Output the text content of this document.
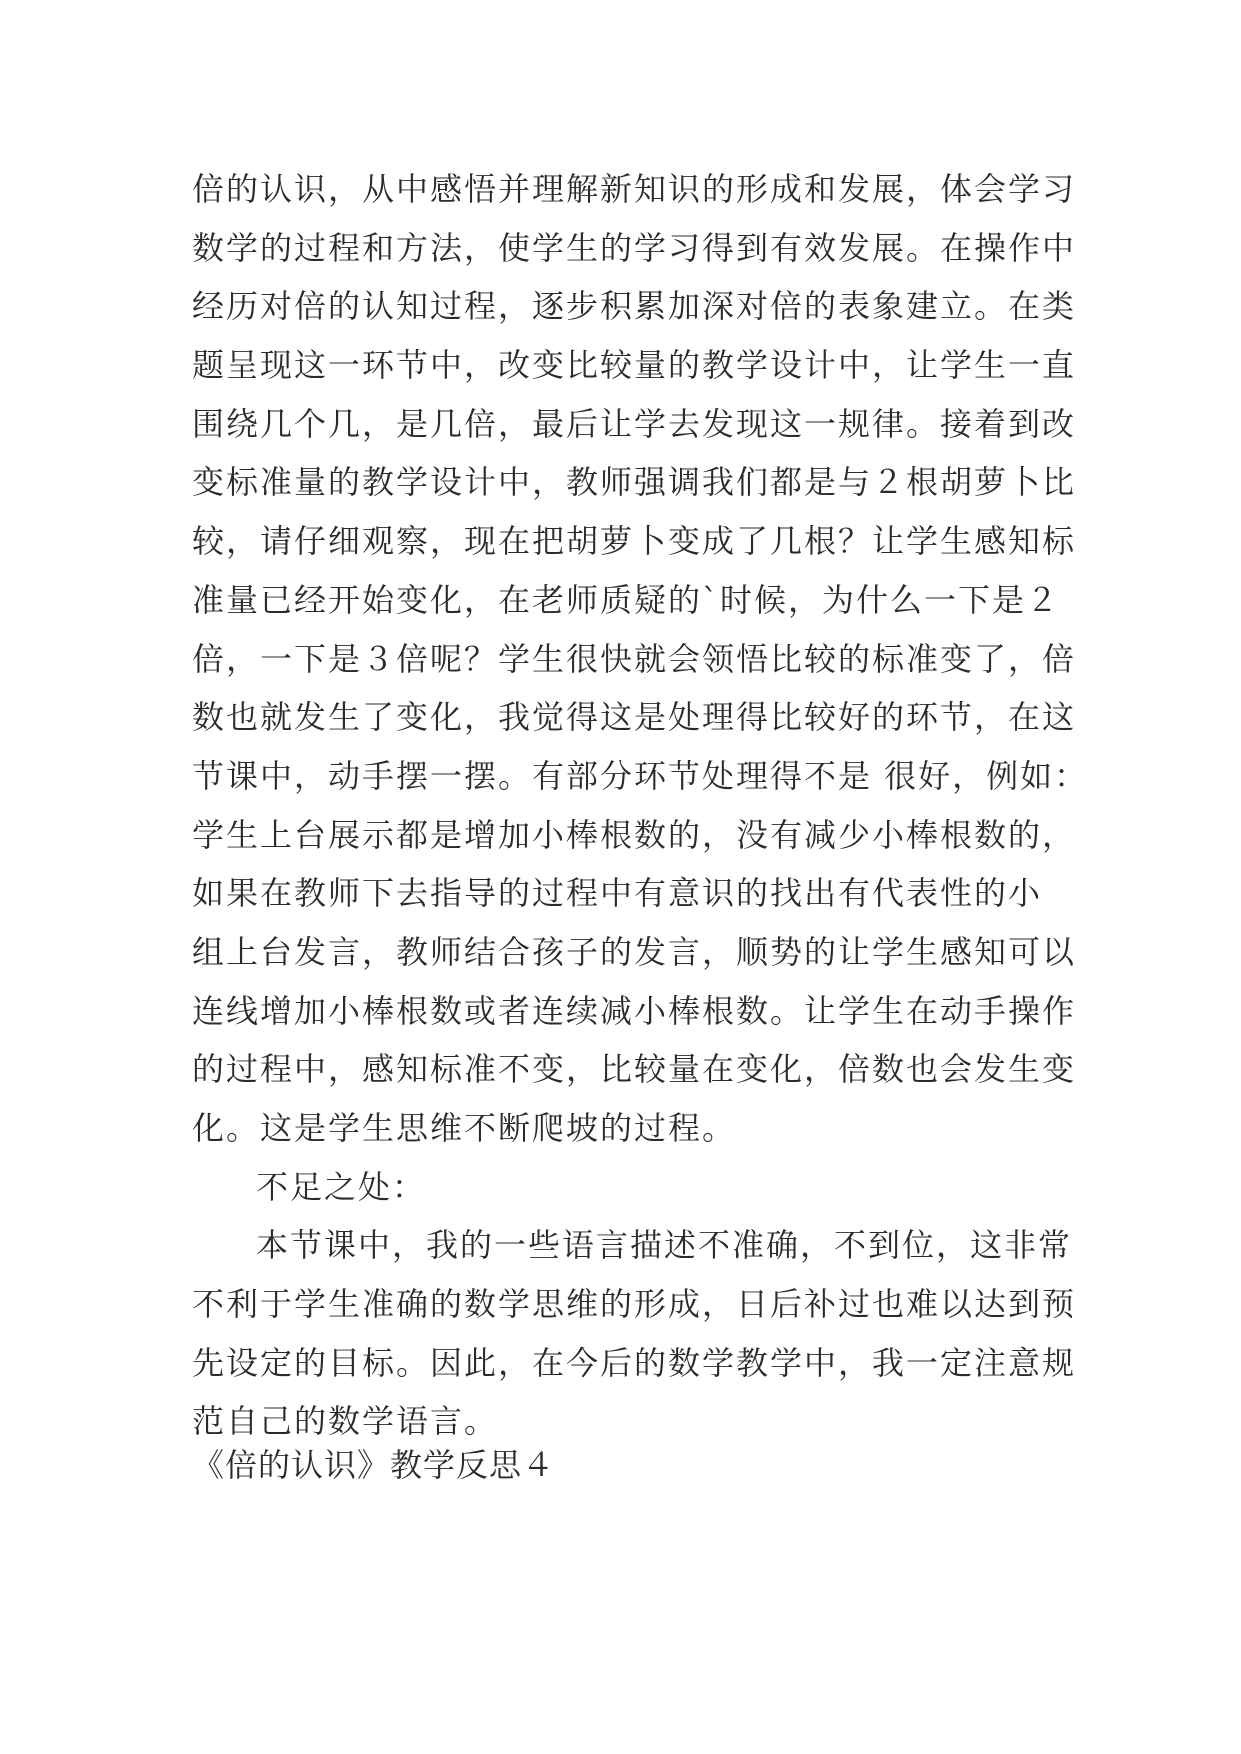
倍的认识，从中感悟并理解新知识的形成和发展，体会学习
数学的过程和方法，使学生的学习得到有效发展。在操作中
经历对倍的认知过程，逐步积累加深对倍的表象建立。在类
题呈现这一环节中，改变比较量的教学设计中，让学生一直
围绕几个几，是几倍，最后让学去发现这一规律。接着到改
变标准量的教学设计中，教师强调我们都是与２根胡萝卜比
较，请仔细观察，现在把胡萝卜变成了几根？让学生感知标
准量已经开始变化，在老师质疑的`时候，为什么一下是２
倍，一下是３倍呢？学生很快就会领悟比较的标准变了，倍
数也就发生了变化，我觉得这是处理得比较好的环节，在这
节课中，动手摆一摆。有部分环节处理得不是 很好，例如：
学生上台展示都是增加小棒根数的，没有减少小棒根数的，
如果在教师下去指导的过程中有意识的找出有代表性的小
组上台发言，教师结合孩子的发言，顺势的让学生感知可以
连线增加小棒根数或者连续减小棒根数。让学生在动手操作
的过程中，感知标准不变，比较量在变化，倍数也会发生变
化。这是学生思维不断爬坡的过程。
不足之处：
本节课中，我的一些语言描述不准确，不到位，这非常
不利于学生准确的数学思维的形成，日后补过也难以达到预
先设定的目标。因此，在今后的数学教学中，我一定注意规
范自己的数学语言。
《倍的认识》教学反思４
